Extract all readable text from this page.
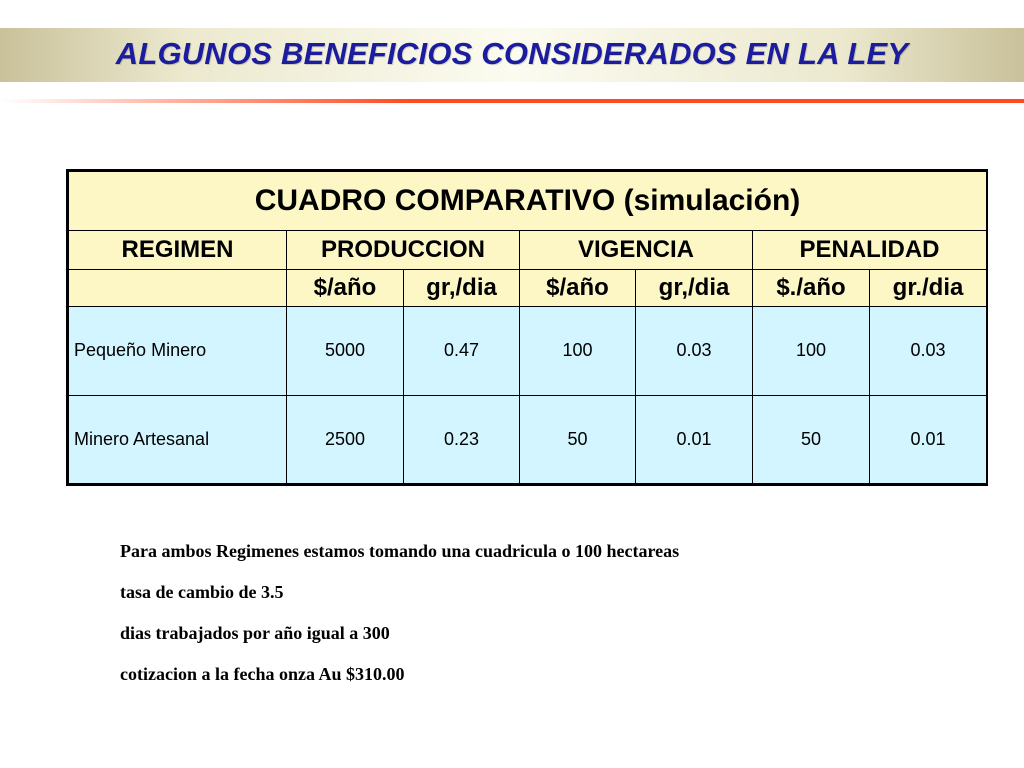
ALGUNOS BENEFICIOS CONSIDERADOS EN LA LEY
CUADRO COMPARATIVO (simulación)						
REGIMEN	PRODUCCION		VIGENCIA		PENALIDAD	
	$/año	gr,/dia	$/año	gr,/dia	$./año	gr./dia
Pequeño Minero	5000	0.47	100	0.03	100	0.03
Minero Artesanal	2500	0.23	50	0.01	50	0.01
Para ambos Regimenes estamos tomando una cuadricula o 100 hectareas
tasa de cambio de 3.5
dias trabajados por año igual a 300
cotizacion a la fecha onza Au $310.00
